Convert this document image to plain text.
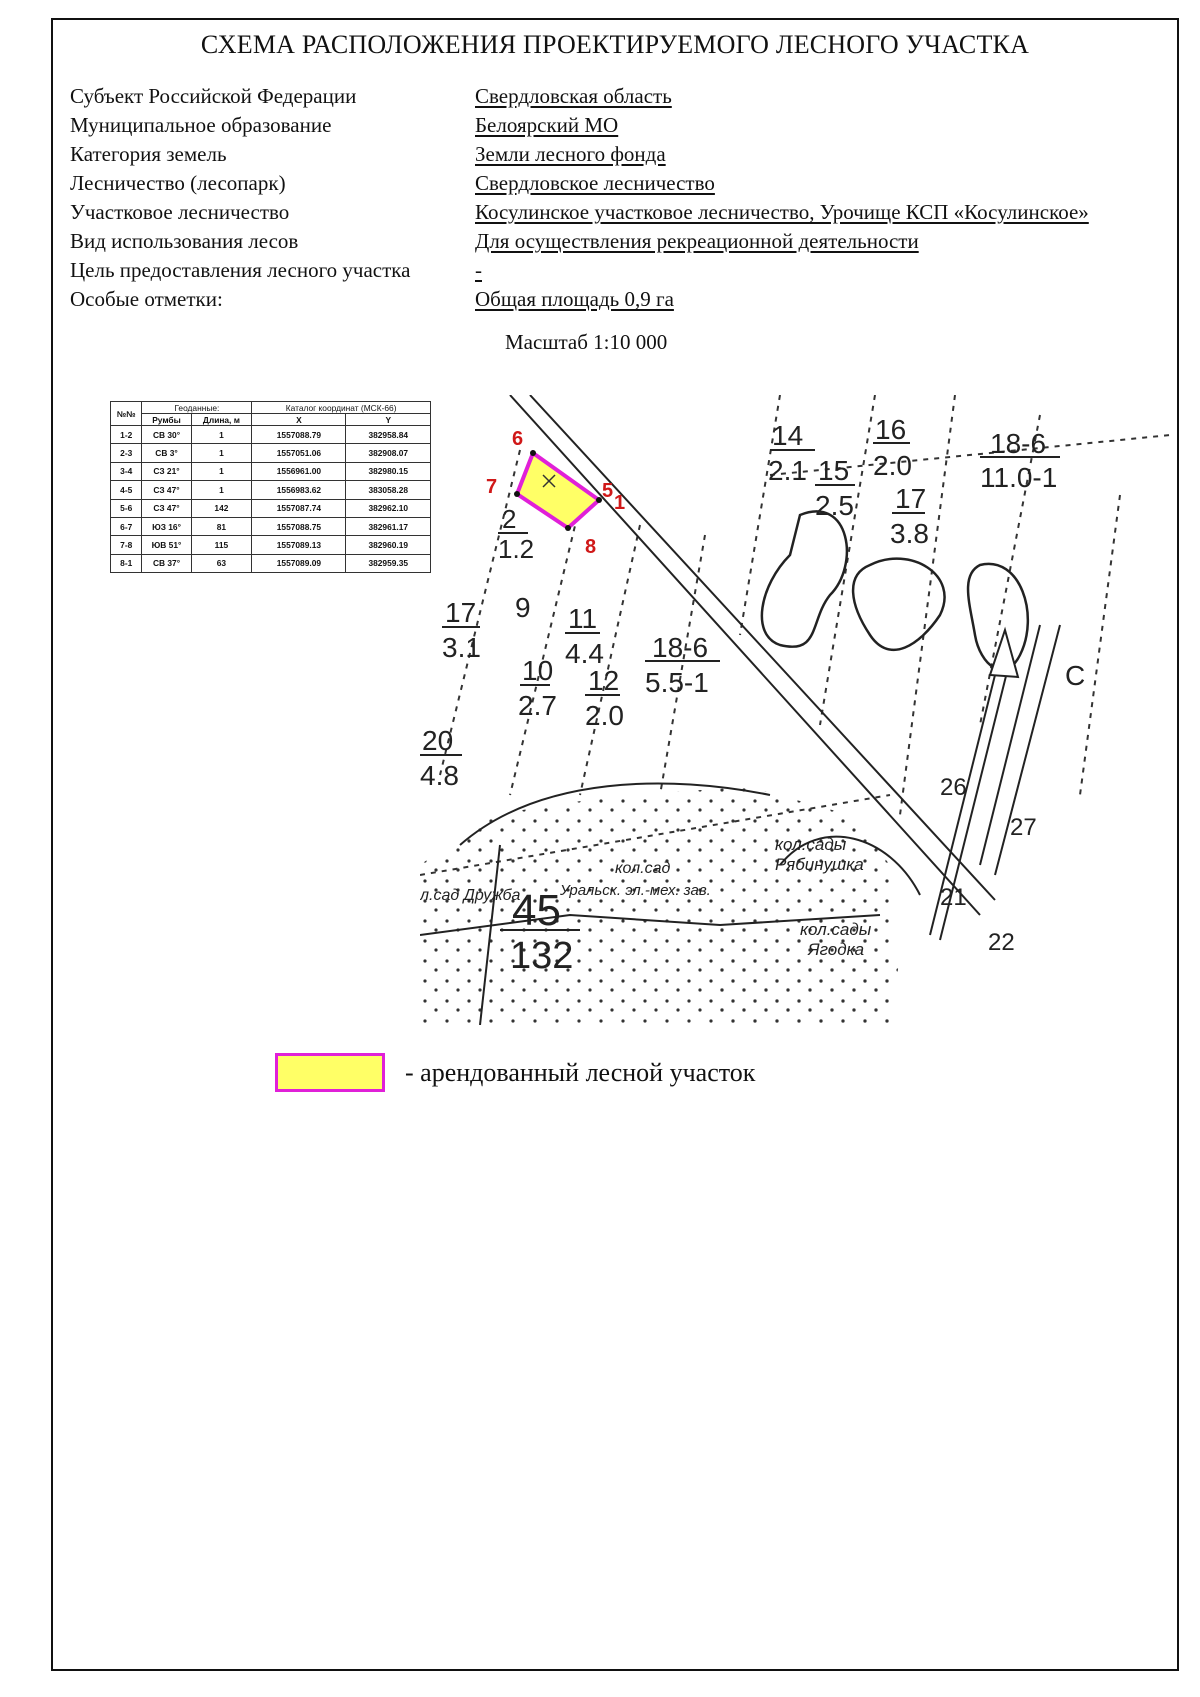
СХЕМА РАСПОЛОЖЕНИЯ ПРОЕКТИРУЕМОГО ЛЕСНОГО УЧАСТКА
Субъект Российской Федерации	Свердловская область
Муниципальное образование	Белоярский МО
Категория земель	Земли лесного фонда
Лесничество (лесопарк)	Свердловское лесничество
Участковое лесничество	Косулинское участковое лесничество, Урочище КСП «Косулинское»
Вид использования лесов	Для осуществления рекреационной деятельности
Цель предоставления лесного участка	-
Особые отметки:	Общая площадь 0,9 га
Масштаб 1:10 000
№№	Геоданные:		Каталог координат (МСК-66)	
	Румбы	Длина, м	X	Y
1-2	СВ 30°	1	1557088.79	382958.84
2-3	СВ 3°	1	1557051.06	382908.07
3-4	СЗ 21°	1	1556961.00	382980.15
4-5	СЗ 47°	1	1556983.62	383058.28
5-6	СЗ 47°	142	1557087.74	382962.10
6-7	ЮЗ 16°	81	1557088.75	382961.17
7-8	ЮВ 51°	115	1557089.13	382960.19
8-1	СВ 37°	63	1557089.09	382959.35
6
7	5
1
8
14
2.1
16
2.0
18-6
11.0-1
15
2.5 17
3.8
2
1.2
17
3.1
9 11
4.4 18-6
5.5-1
10
2.7
12
2.0
20
4.8	26
27
21
22
С
кол.сады
Рябинушка
кол.сад
Уральск. эл.-мех. зав.
л.сад Дружба
кол.сады
Ягодка
45
132
- арендованный лесной участок
